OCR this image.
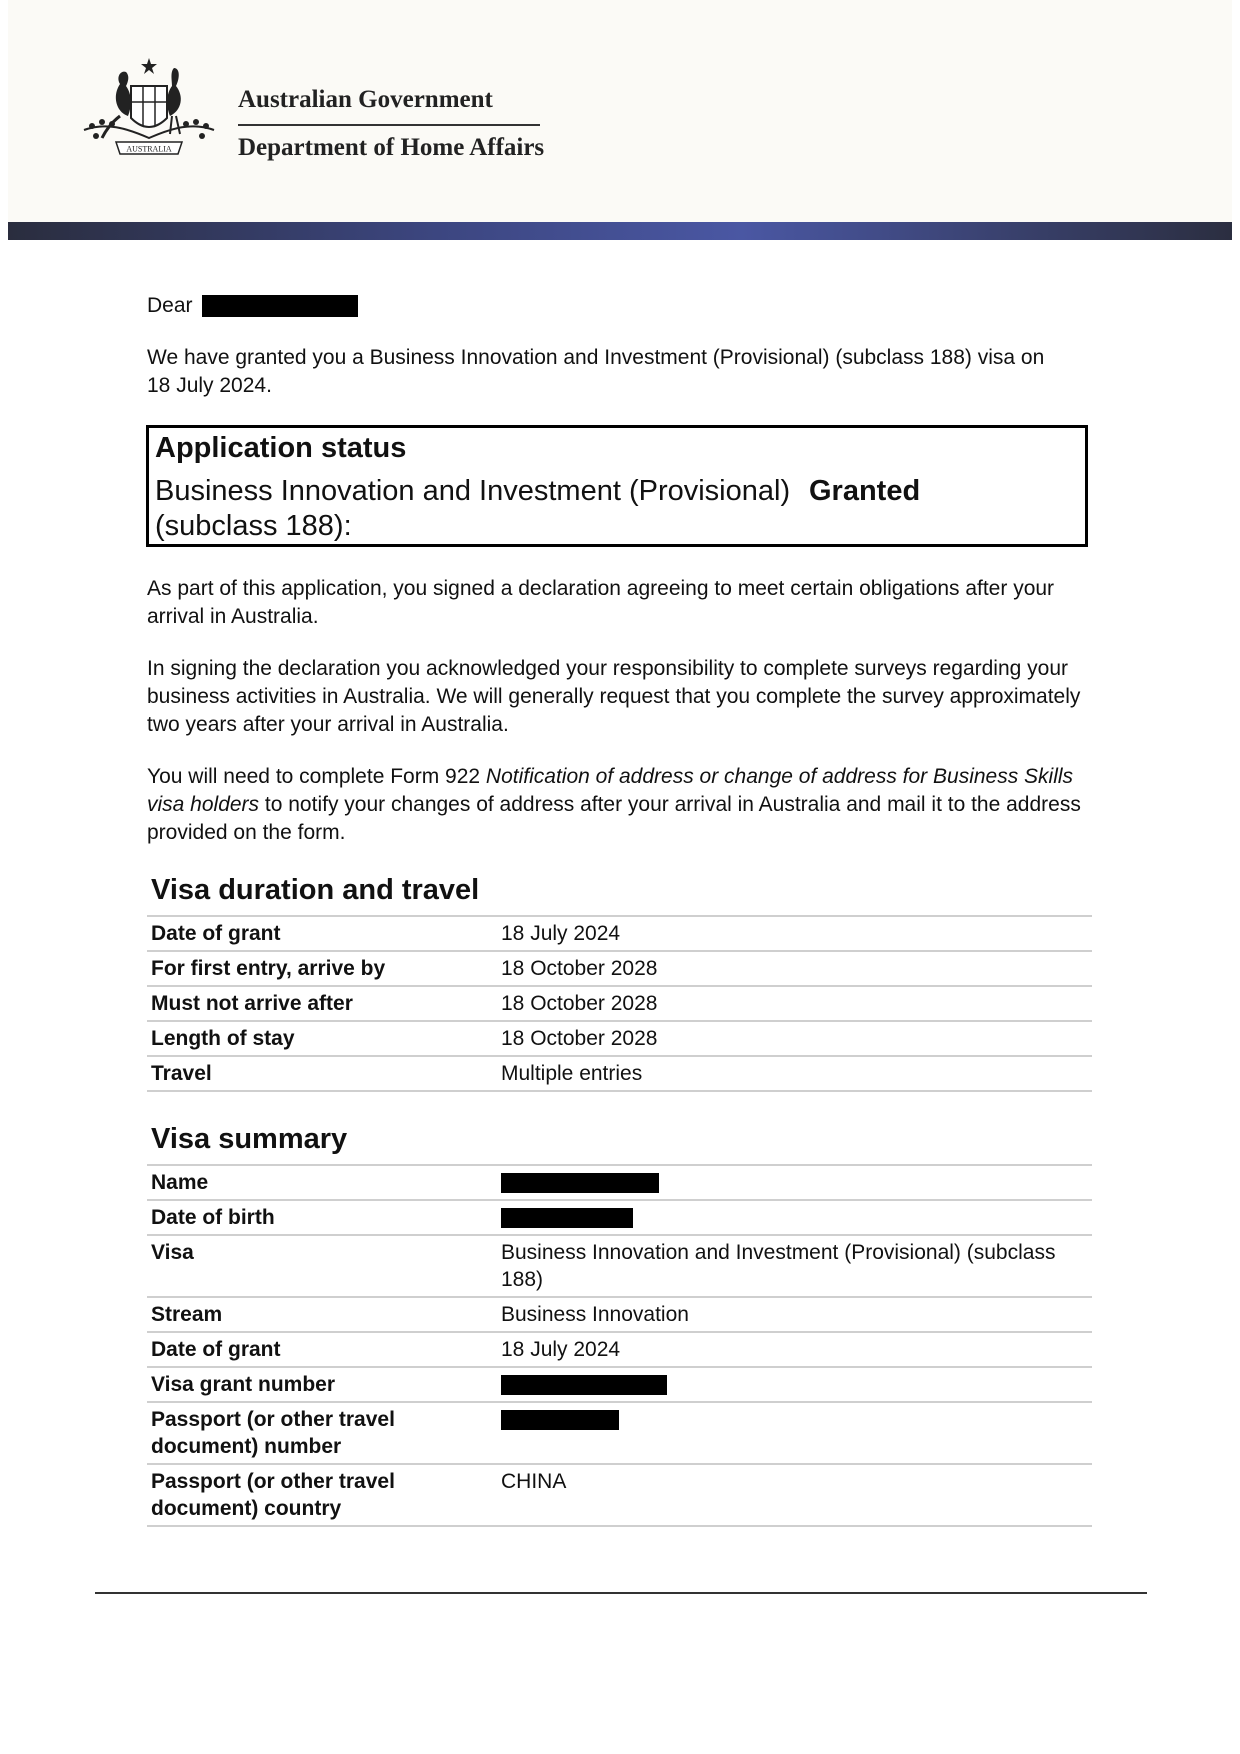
AUSTRALIA
Australian Government
Department of Home Affairs

Dear

We have granted you a Business Innovation and Investment (Provisional) (subclass 188) visa on 18 July 2024.

Application status
Business Innovation and Investment (Provisional) (subclass 188):
Granted

As part of this application, you signed a declaration agreeing to meet certain obligations after your arrival in Australia.

In signing the declaration you acknowledged your responsibility to complete surveys regarding your business activities in Australia. We will generally request that you complete the survey approximately two years after your arrival in Australia.

You will need to complete Form 922 Notification of address or change of address for Business Skills visa holders to notify your changes of address after your arrival in Australia and mail it to the address provided on the form.

Visa duration and travel
Date of grant	18 July 2024
For first entry, arrive by	18 October 2028
Must not arrive after	18 October 2028
Length of stay	18 October 2028
Travel	Multiple entries
Visa summary
Name	
Date of birth	
Visa	Business Innovation and Investment (Provisional) (subclass 188)
Stream	Business Innovation
Date of grant	18 July 2024
Visa grant number	
Passport (or other travel document) number	
Passport (or other travel document) country	CHINA
